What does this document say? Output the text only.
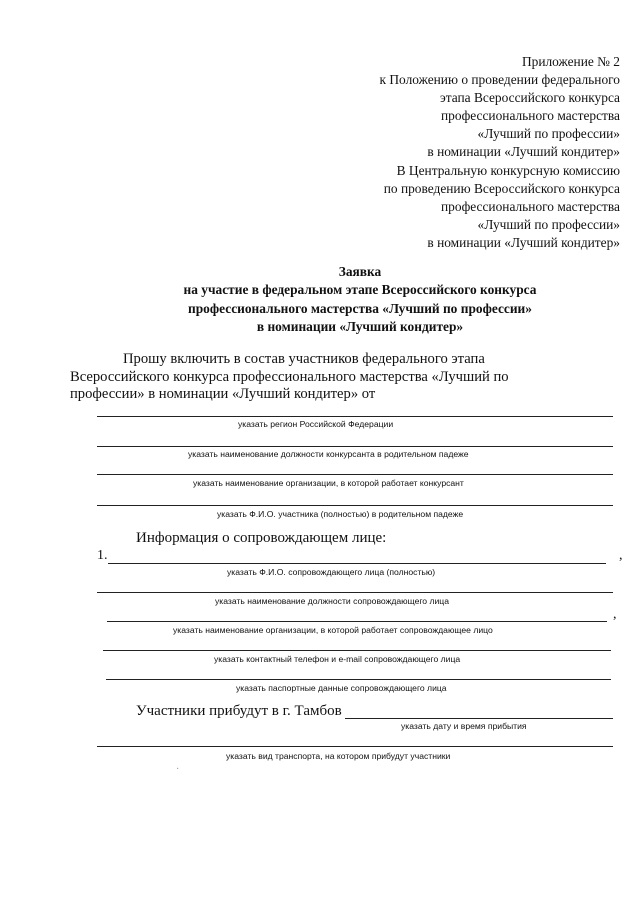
Приложение № 2
к Положению о проведении федерального
этапа Всероссийского конкурса
профессионального мастерства
«Лучший по профессии»
в номинации «Лучший кондитер»
В Центральную конкурсную комиссию
по проведению Всероссийского конкурса
профессионального мастерства
«Лучший по профессии»
в номинации «Лучший кондитер»
Заявка
на участие в федеральном этапе Всероссийского конкурса
профессионального мастерства «Лучший по профессии»
в номинации «Лучший кондитер»
Прошу включить в состав участников федерального этапа
Всероссийского конкурса профессионального мастерства «Лучший по
профессии» в номинации «Лучший кондитер» от
указать регион Российской Федерации
указать наименование должности конкурсанта в родительном падеже
указать наименование организации, в которой работает конкурсант
указать Ф.И.О. участника (полностью) в родительном падеже
Информация о сопровождающем лице:
1.	,
указать Ф.И.О. сопровождающего лица (полностью)
указать наименование должности сопровождающего лица
,
указать наименование организации, в которой работает сопровождающее лицо
указать контактный телефон и e-mail сопровождающего лица
указать паспортные данные сопровождающего лица
Участники прибудут в г. Тамбов
указать дату и время прибытия
указать вид транспорта, на котором прибудут участники
·
